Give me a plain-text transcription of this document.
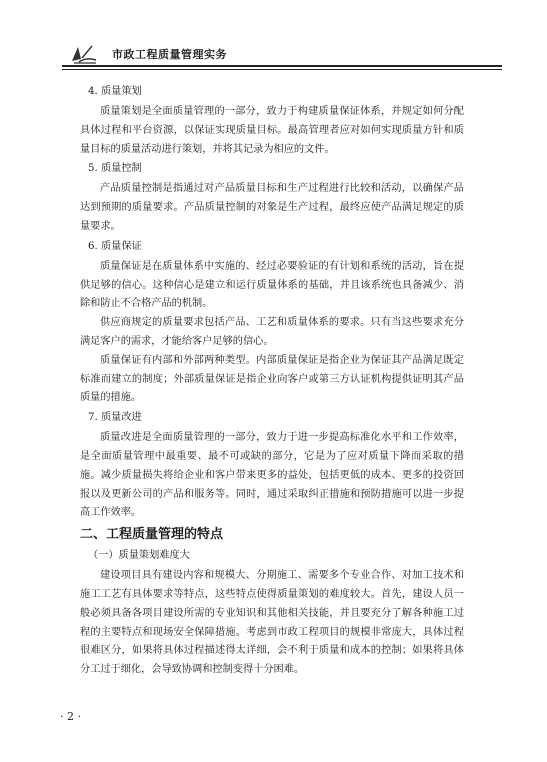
市政工程质量管理实务
4. 质量策划

质量策划是全面质量管理的一部分，致力于构建质量保证体系，并规定如何分配具体过程和平台资源，以保证实现质量目标。最高管理者应对如何实现质量方针和质量目标的质量活动进行策划，并将其记录为相应的文件。

5. 质量控制

产品质量控制是指通过对产品质量目标和生产过程进行比较和活动，以确保产品达到预期的质量要求。产品质量控制的对象是生产过程，最终应使产品满足规定的质量要求。

6. 质量保证

质量保证是在质量体系中实施的、经过必要验证的有计划和系统的活动，旨在提供足够的信心。这种信心是建立和运行质量体系的基础，并且该系统也具备减少、消除和防止不合格产品的机制。

供应商规定的质量要求包括产品、工艺和质量体系的要求。只有当这些要求充分满足客户的需求，才能给客户足够的信心。

质量保证有内部和外部两种类型。内部质量保证是指企业为保证其产品满足既定标准而建立的制度；外部质量保证是指企业向客户或第三方认证机构提供证明其产品质量的措施。

7. 质量改进

质量改进是全面质量管理的一部分，致力于进一步提高标准化水平和工作效率，是全面质量管理中最重要、最不可或缺的部分，它是为了应对质量下降而采取的措施。减少质量损失将给企业和客户带来更多的益处，包括更低的成本、更多的投资回报以及更新公司的产品和服务等。同时，通过采取纠正措施和预防措施可以进一步提高工作效率。

二、工程质量管理的特点
（一）质量策划难度大

建设项目具有建设内容和规模大、分期施工、需要多个专业合作、对加工技术和施工工艺有具体要求等特点，这些特点使得质量策划的难度较大。首先，建设人员一般必须具备各项目建设所需的专业知识和其他相关技能，并且要充分了解各种施工过程的主要特点和现场安全保障措施。考虑到市政工程项目的规模非常庞大，具体过程很难区分，如果将具体过程描述得太详细，会不利于质量和成本的控制；如果将具体分工过于细化，会导致协调和控制变得十分困难。

· 2 ·
